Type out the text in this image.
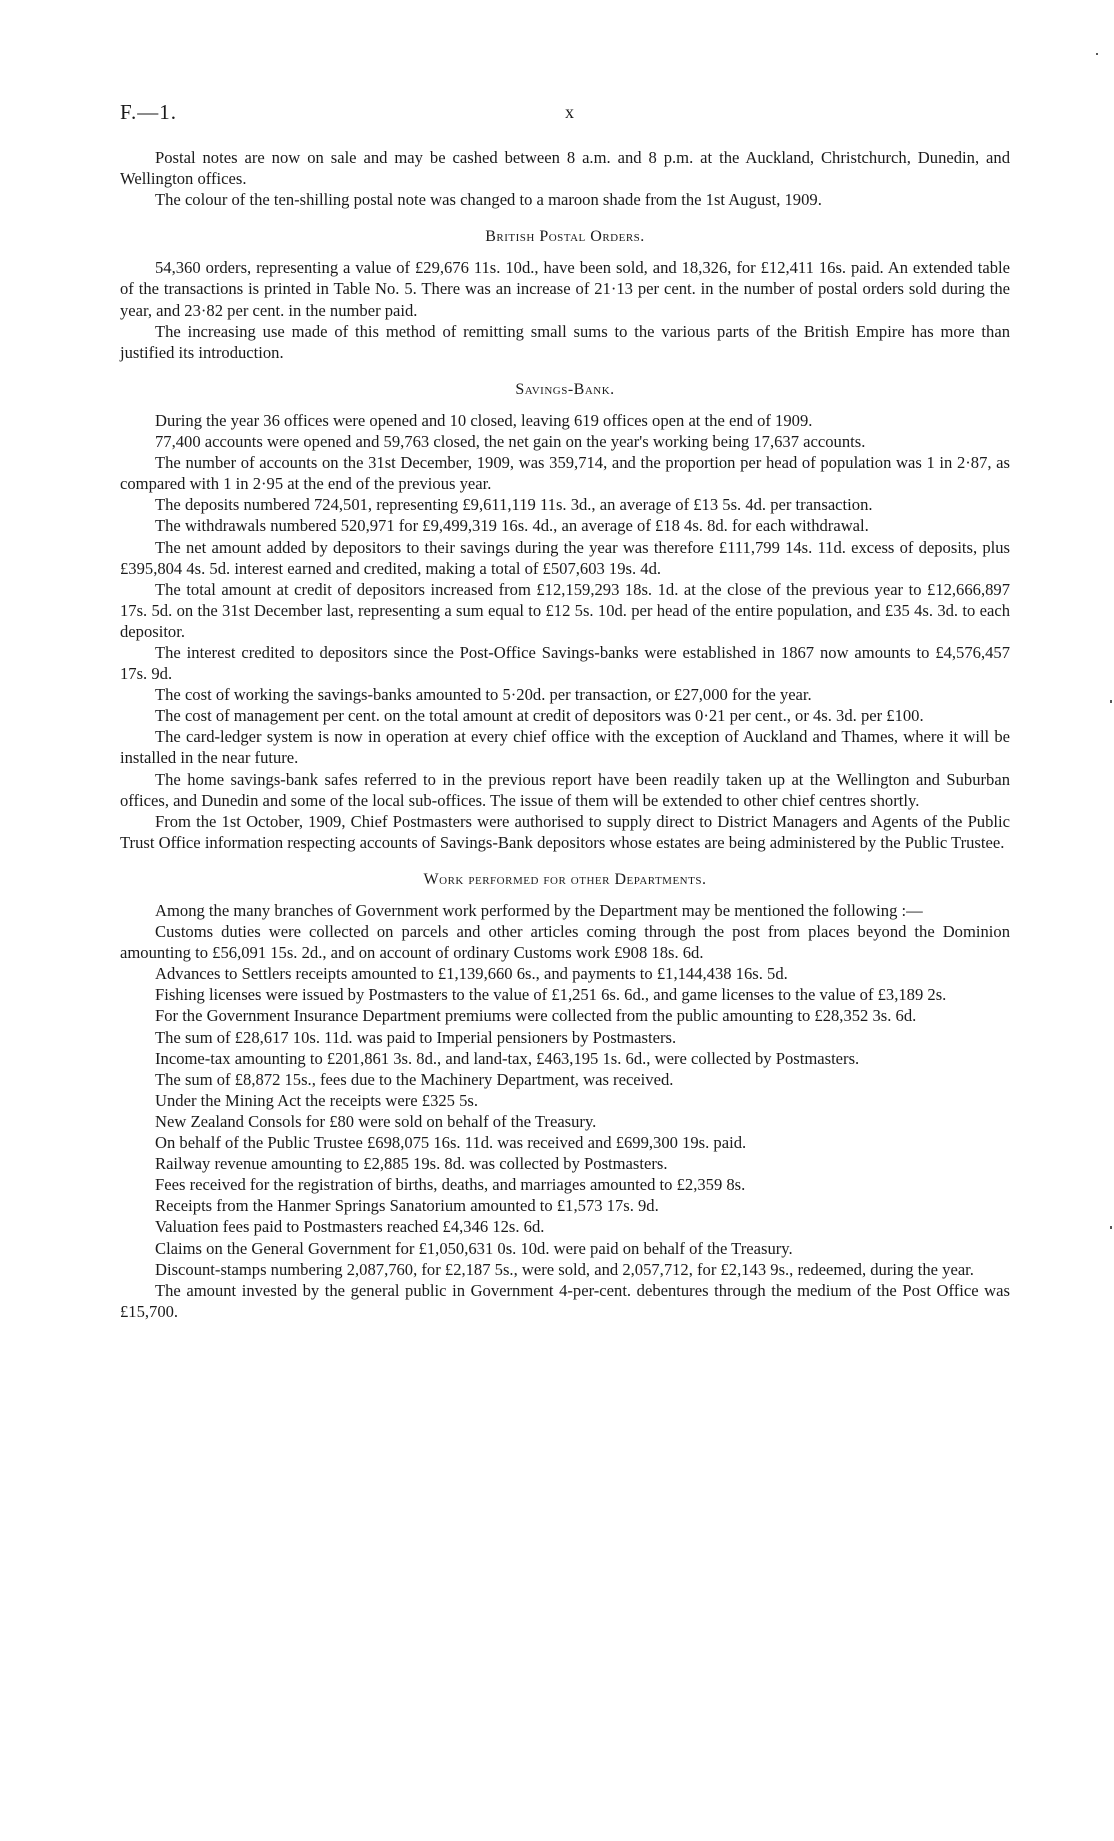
F.—1.	x

Postal notes are now on sale and may be cashed between 8 a.m. and 8 p.m. at the Auckland, Christchurch, Dunedin, and Wellington offices.

The colour of the ten-shilling postal note was changed to a maroon shade from the 1st August, 1909.

British Postal Orders.

54,360 orders, representing a value of £29,676 11s. 10d., have been sold, and 18,326, for £12,411 16s. paid. An extended table of the transactions is printed in Table No. 5. There was an increase of 21·13 per cent. in the number of postal orders sold during the year, and 23·82 per cent. in the number paid.

The increasing use made of this method of remitting small sums to the various parts of the British Empire has more than justified its introduction.

Savings-Bank.

During the year 36 offices were opened and 10 closed, leaving 619 offices open at the end of 1909.

77,400 accounts were opened and 59,763 closed, the net gain on the year's working being 17,637 accounts.

The number of accounts on the 31st December, 1909, was 359,714, and the proportion per head of population was 1 in 2·87, as compared with 1 in 2·95 at the end of the previous year.

The deposits numbered 724,501, representing £9,611,119 11s. 3d., an average of £13 5s. 4d. per transaction.

The withdrawals numbered 520,971 for £9,499,319 16s. 4d., an average of £18 4s. 8d. for each withdrawal.

The net amount added by depositors to their savings during the year was therefore £111,799 14s. 11d. excess of deposits, plus £395,804 4s. 5d. interest earned and credited, making a total of £507,603 19s. 4d.

The total amount at credit of depositors increased from £12,159,293 18s. 1d. at the close of the previous year to £12,666,897 17s. 5d. on the 31st December last, representing a sum equal to £12 5s. 10d. per head of the entire population, and £35 4s. 3d. to each depositor.

The interest credited to depositors since the Post-Office Savings-banks were established in 1867 now amounts to £4,576,457 17s. 9d.

The cost of working the savings-banks amounted to 5·20d. per transaction, or £27,000 for the year.

The cost of management per cent. on the total amount at credit of depositors was 0·21 per cent., or 4s. 3d. per £100.

The card-ledger system is now in operation at every chief office with the exception of Auckland and Thames, where it will be installed in the near future.

The home savings-bank safes referred to in the previous report have been readily taken up at the Wellington and Suburban offices, and Dunedin and some of the local sub-offices. The issue of them will be extended to other chief centres shortly.

From the 1st October, 1909, Chief Postmasters were authorised to supply direct to District Managers and Agents of the Public Trust Office information respecting accounts of Savings-Bank depositors whose estates are being administered by the Public Trustee.

Work performed for other Departments.

Among the many branches of Government work performed by the Department may be mentioned the following :—

Customs duties were collected on parcels and other articles coming through the post from places beyond the Dominion amounting to £56,091 15s. 2d., and on account of ordinary Customs work £908 18s. 6d.

Advances to Settlers receipts amounted to £1,139,660 6s., and payments to £1,144,438 16s. 5d.

Fishing licenses were issued by Postmasters to the value of £1,251 6s. 6d., and game licenses to the value of £3,189 2s.

For the Government Insurance Department premiums were collected from the public amounting to £28,352 3s. 6d.

The sum of £28,617 10s. 11d. was paid to Imperial pensioners by Postmasters.

Income-tax amounting to £201,861 3s. 8d., and land-tax, £463,195 1s. 6d., were collected by Postmasters.

The sum of £8,872 15s., fees due to the Machinery Department, was received.

Under the Mining Act the receipts were £325 5s.

New Zealand Consols for £80 were sold on behalf of the Treasury.

On behalf of the Public Trustee £698,075 16s. 11d. was received and £699,300 19s. paid.

Railway revenue amounting to £2,885 19s. 8d. was collected by Postmasters.

Fees received for the registration of births, deaths, and marriages amounted to £2,359 8s.

Receipts from the Hanmer Springs Sanatorium amounted to £1,573 17s. 9d.

Valuation fees paid to Postmasters reached £4,346 12s. 6d.

Claims on the General Government for £1,050,631 0s. 10d. were paid on behalf of the Treasury.

Discount-stamps numbering 2,087,760, for £2,187 5s., were sold, and 2,057,712, for £2,143 9s., redeemed, during the year.

The amount invested by the general public in Government 4-per-cent. debentures through the medium of the Post Office was £15,700.
